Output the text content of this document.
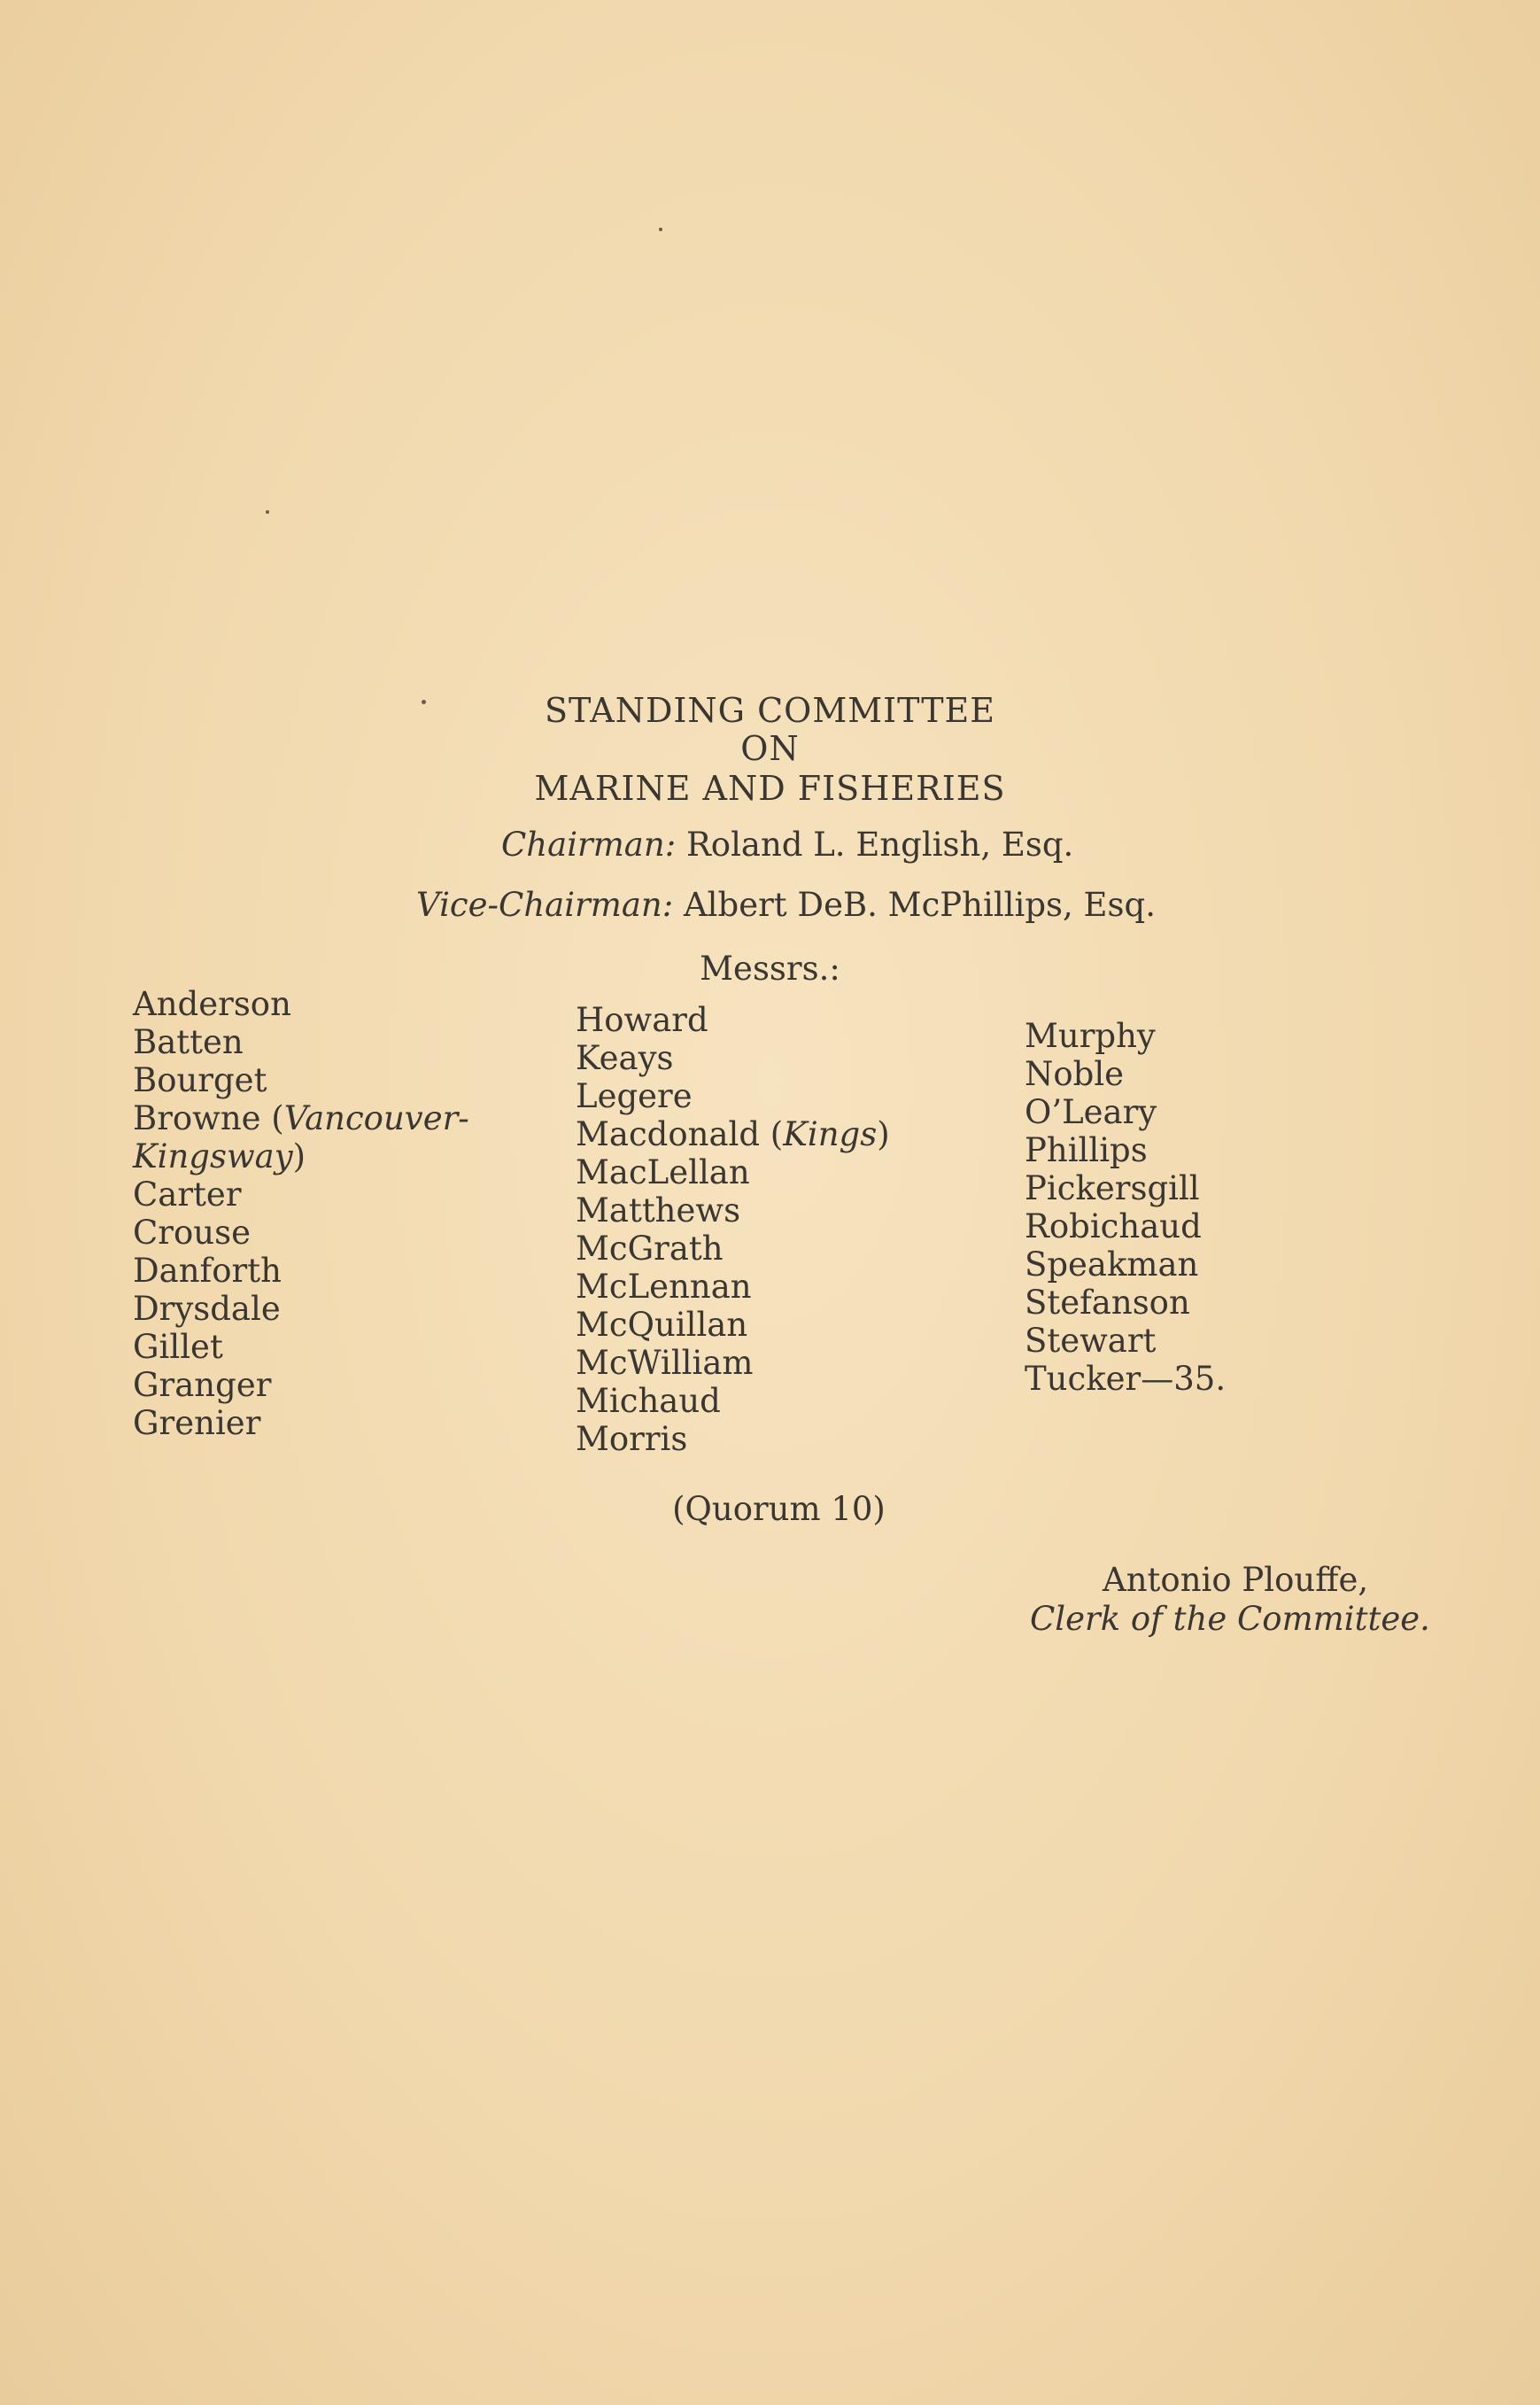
STANDING COMMITTEE
ON
MARINE AND FISHERIES
Chairman: Roland L. English, Esq.
Vice-Chairman: Albert DeB. McPhillips, Esq.
Messrs.:
Anderson
Batten
Bourget
Browne (Vancouver-
Kingsway)
Carter
Crouse
Danforth
Drysdale
Gillet
Granger
Grenier
Howard
Keays
Legere
Macdonald (Kings)
MacLellan
Matthews
McGrath
McLennan
McQuillan
McWilliam
Michaud
Morris
Murphy
Noble
O’Leary
Phillips
Pickersgill
Robichaud
Speakman
Stefanson
Stewart
Tucker—35.
(Quorum 10)
Antonio Plouffe,
Clerk of the Committee.
